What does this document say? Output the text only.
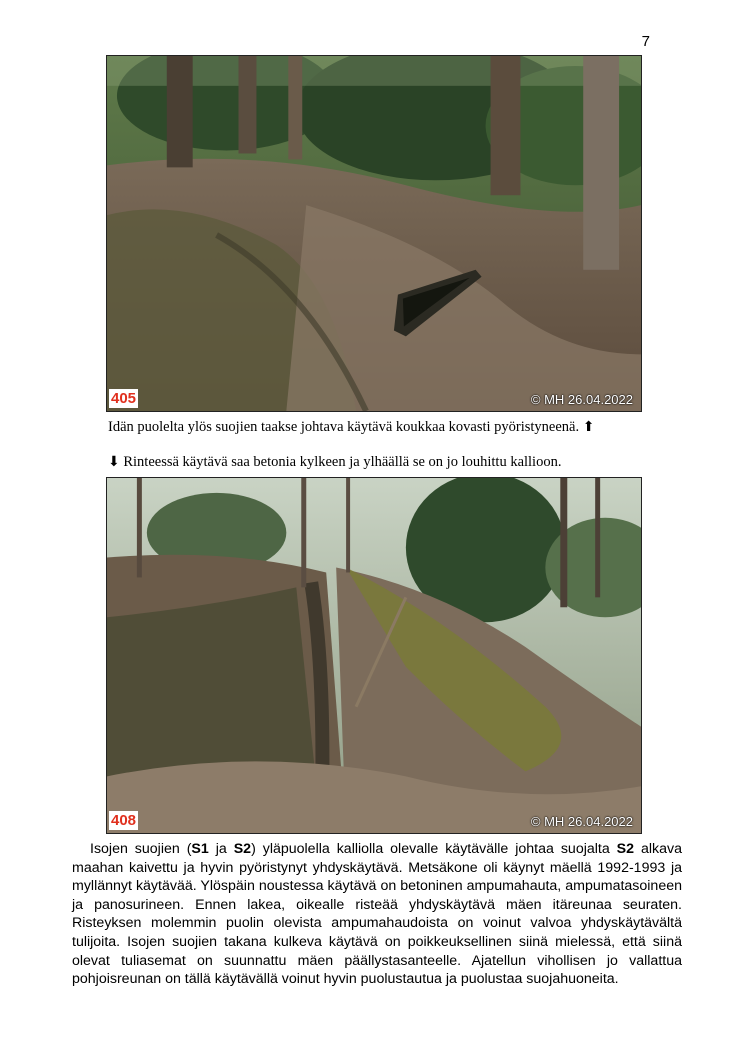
7
405	© MH 26.04.2022
Idän puolelta ylös suojien taakse johtava käytävä koukkaa kovasti pyöristyneenä. ⬆
⬇ Rinteessä käytävä saa betonia kylkeen ja ylhäällä se on jo louhittu kallioon.
408	© MH 26.04.2022

Isojen suojien (S1 ja S2) yläpuolella kalliolla olevalle käytävälle johtaa suojalta S2 alkava maahan kaivettu ja hyvin pyöristynyt yhdyskäytävä. Metsäkone oli käynyt mäellä 1992-1993 ja myllännyt käytävää. Ylöspäin noustessa käytävä on betoninen ampumahauta, ampumatasoineen ja panosurineen. Ennen lakea, oikealle risteää yhdyskäytävä mäen itäreunaa seuraten. Risteyksen molemmin puolin olevista ampumahaudoista on voinut valvoa yhdyskäytävältä tulijoita. Isojen suojien takana kulkeva käytävä on poikkeuksellinen siinä mielessä, että siinä olevat tuliasemat on suunnattu mäen päällystasanteelle. Ajatellun vihollisen jo vallattua pohjoisreunan on tällä käytävällä voinut hyvin puolustautua ja puolustaa suojahuoneita.
